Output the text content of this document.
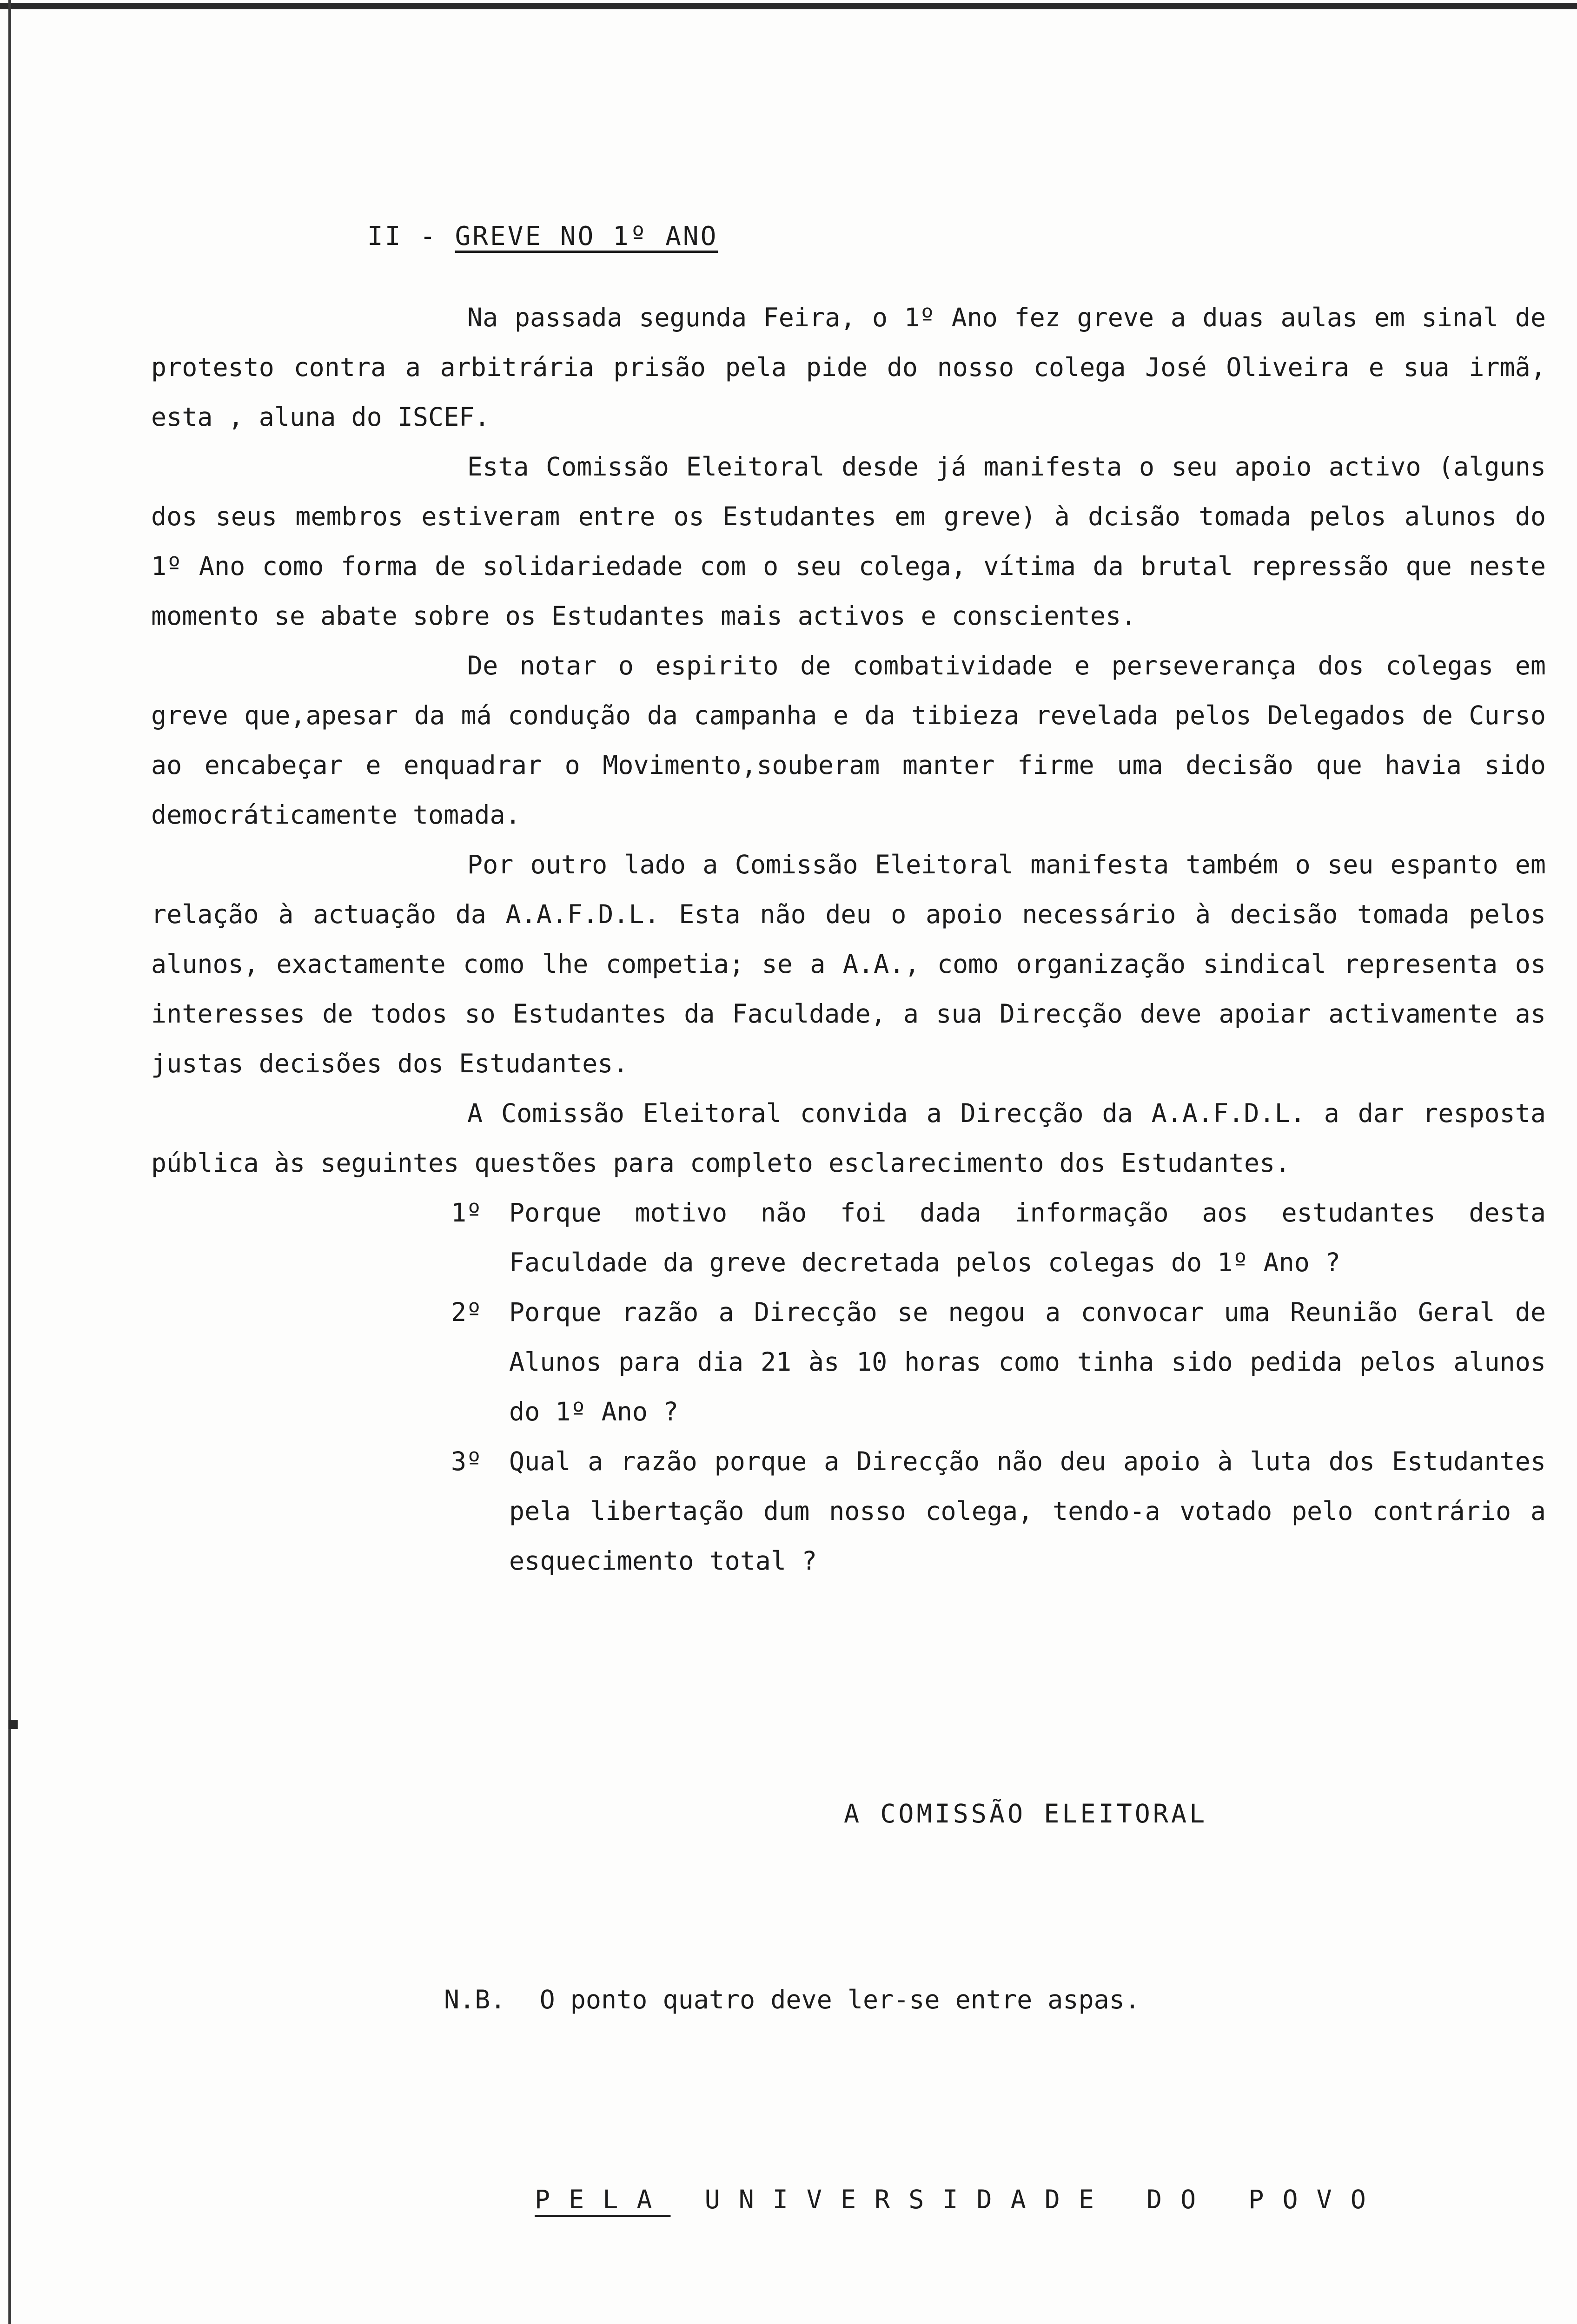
II - GREVE NO 1º ANO

Na passada segunda Feira, o 1º Ano fez greve a duas aulas em sinal de protesto contra a arbitrária prisão pela pide do nosso colega José Oliveira e sua irmã, esta , aluna do ISCEF.

Esta Comissão Eleitoral desde já manifesta o seu apoio activo (alguns dos seus membros estiveram entre os Estudantes em greve) à dcisão tomada pelos alunos do 1º Ano como forma de solidariedade com o seu colega, vítima da brutal repressão que neste momento se abate sobre os Estudantes mais activos e conscientes.

De notar o espirito de combatividade e perseverança dos colegas em greve que,apesar da má condução da campanha e da tibieza revelada pelos Delegados de Curso ao encabeçar e enquadrar o Movimento,souberam manter firme uma decisão que havia sido democráticamente tomada.

Por outro lado a Comissão Eleitoral manifesta também o seu espanto em relação à actuação da A.A.F.D.L. Esta não deu o apoio necessário à decisão tomada pelos alunos, exactamente como lhe competia; se a A.A., como organização sindical representa os interesses de todos so Estudantes da Faculdade, a sua Direcção deve apoiar activamente as justas decisões dos Estudantes.

A Comissão Eleitoral convida a Direcção da A.A.F.D.L. a dar resposta pública às seguintes questões para completo esclarecimento dos Estudantes.

1º Porque motivo não foi dada informação aos estudantes desta Faculdade da greve decretada pelos colegas do 1º Ano ?
2º Porque razão a Direcção se negou a convocar uma Reunião Geral de Alunos para dia 21 às 10 horas como tinha sido pedida pelos alunos do 1º Ano ?
3º Qual a razão porque a Direcção não deu apoio à luta dos Estudantes pela libertação dum nosso colega, tendo-a votado pelo contrário a esquecimento total ?
A COMISSÃO ELEITORAL
N.B. O ponto quatro deve ler-se entre aspas.
PELA UNIVERSIDADE DO POVO
